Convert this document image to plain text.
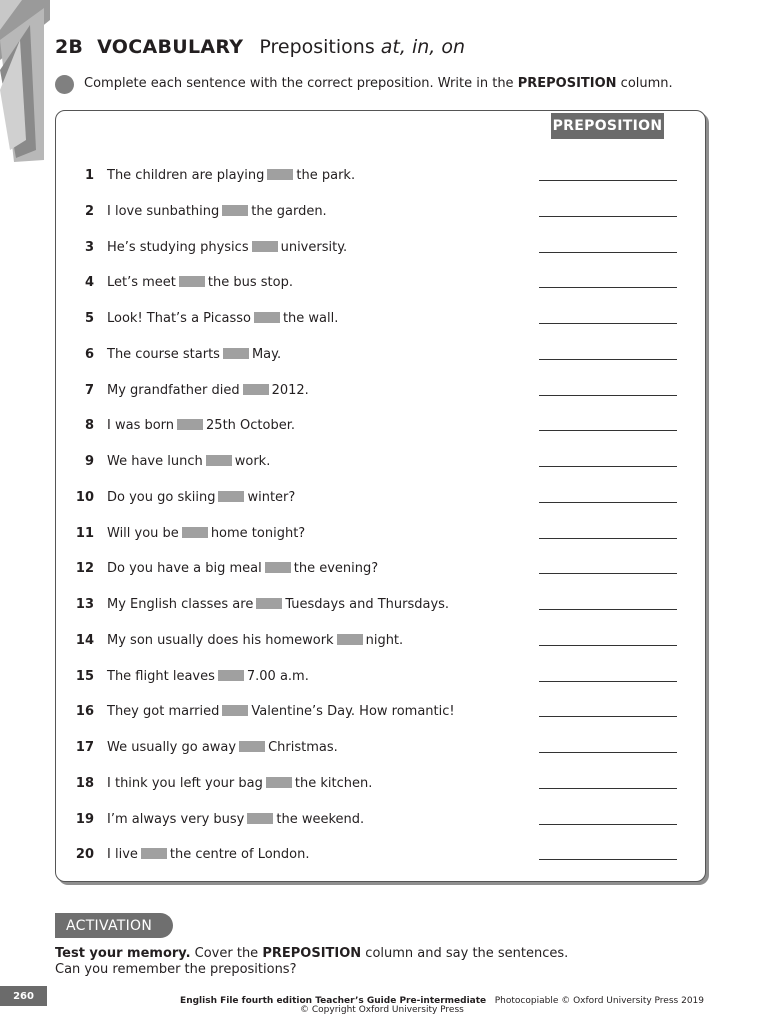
2B VOCABULARY Prepositions at, in, on
Complete each sentence with the correct preposition. Write in the PREPOSITION column.
PREPOSITION
1 The children are playing the park.
2 I love sunbathing the garden.
3 He’s studying physics university.
4 Let’s meet the bus stop.
5 Look! That’s a Picasso the wall.
6 The course starts May.
7 My grandfather died 2012.
8 I was born 25th October.
9 We have lunch work.
10 Do you go skiing winter?
11 Will you be home tonight?
12 Do you have a big meal the evening?
13 My English classes are Tuesdays and Thursdays.
14 My son usually does his homework night.
15 The flight leaves 7.00 a.m.
16 They got married Valentine’s Day. How romantic!
17 We usually go away Christmas.
18 I think you left your bag the kitchen.
19 I’m always very busy the weekend.
20 I live the centre of London.
ACTIVATION
Test your memory. Cover the PREPOSITION column and say the sentences.
Can you remember the prepositions?
260	English File fourth edition Teacher’s Guide Pre-intermediate Photocopiable © Oxford University Press 2019
© Copyright Oxford University Press
